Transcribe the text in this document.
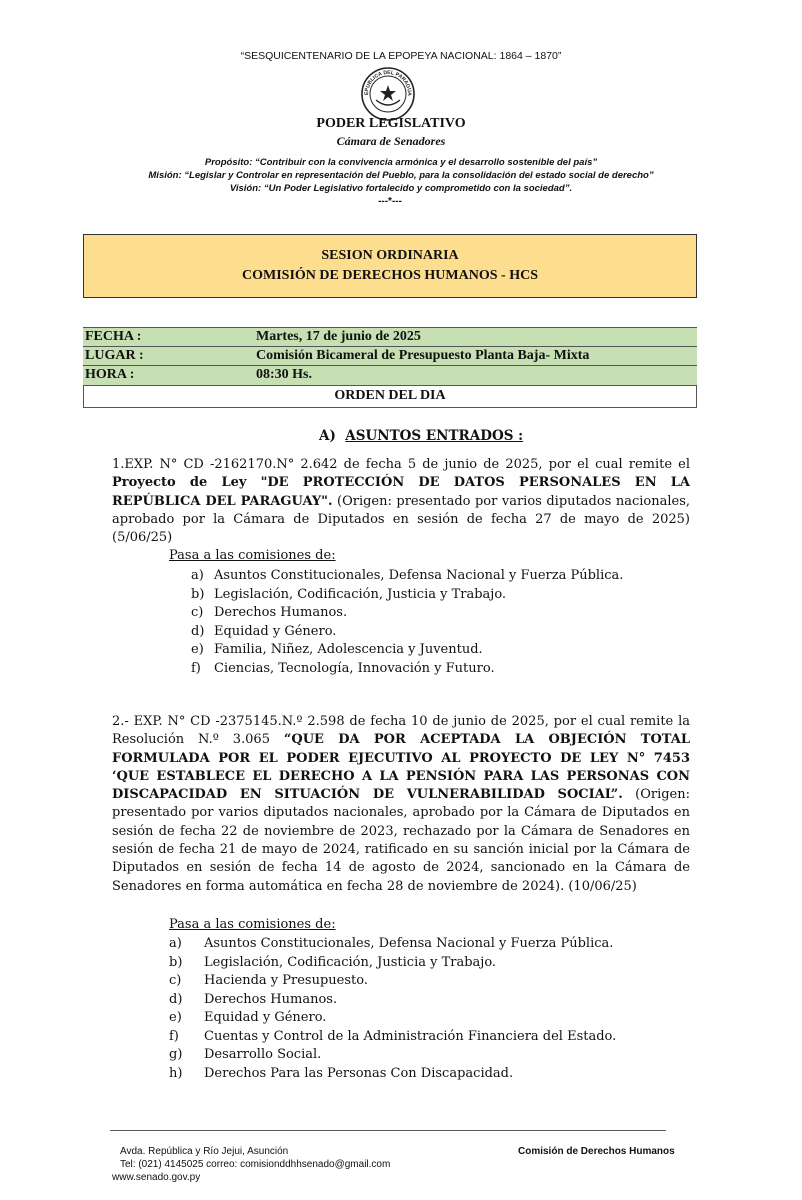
“SESQUICENTENARIO DE LA EPOPEYA NACIONAL: 1864 – 1870”
EPUBLICA DEL PARAGUA
PODER LEGISLATIVO
Cámara de Senadores
Propósito: “Contribuir con la convivencia armónica y el desarrollo sostenible del país”
Misión: “Legislar y Controlar en representación del Pueblo, para la consolidación del estado social de derecho”
Visión: “Un Poder Legislativo fortalecido y comprometido con la sociedad”.
---*---
SESION ORDINARIA
COMISIÓN DE DERECHOS HUMANOS - HCS
FECHA :	Martes, 17 de junio de 2025
LUGAR :	Comisión Bicameral de Presupuesto Planta Baja- Mixta
HORA :	08:30 Hs.
ORDEN DEL DIA
A) ASUNTOS ENTRADOS :
1.EXP. N° CD -2162170.N° 2.642 de fecha 5 de junio de 2025, por el cual remite el Proyecto de Ley "DE PROTECCIÓN DE DATOS PERSONALES EN LA REPÚBLICA DEL PARAGUAY". (Origen: presentado por varios diputados nacionales, aprobado por la Cámara de Diputados en sesión de fecha 27 de mayo de 2025) (5/06/25)
Pasa a las comisiones de:
a) Asuntos Constitucionales, Defensa Nacional y Fuerza Pública.
b) Legislación, Codificación, Justicia y Trabajo.
c) Derechos Humanos.
d) Equidad y Género.
e) Familia, Niñez, Adolescencia y Juventud.
f) Ciencias, Tecnología, Innovación y Futuro.
2.- EXP. N° CD -2375145.N.º 2.598 de fecha 10 de junio de 2025, por el cual remite la Resolución N.º 3.065 “QUE DA POR ACEPTADA LA OBJECIÓN TOTAL FORMULADA POR EL PODER EJECUTIVO AL PROYECTO DE LEY N° 7453 ‘QUE ESTABLECE EL DERECHO A LA PENSIÓN PARA LAS PERSONAS CON DISCAPACIDAD EN SITUACIÓN DE VULNERABILIDAD SOCIAL”. (Origen: presentado por varios diputados nacionales, aprobado por la Cámara de Diputados en sesión de fecha 22 de noviembre de 2023, rechazado por la Cámara de Senadores en sesión de fecha 21 de mayo de 2024, ratificado en su sanción inicial por la Cámara de Diputados en sesión de fecha 14 de agosto de 2024, sancionado en la Cámara de Senadores en forma automática en fecha 28 de noviembre de 2024). (10/06/25)
Pasa a las comisiones de:
a) Asuntos Constitucionales, Defensa Nacional y Fuerza Pública.
b) Legislación, Codificación, Justicia y Trabajo.
c) Hacienda y Presupuesto.
d) Derechos Humanos.
e) Equidad y Género.
f) Cuentas y Control de la Administración Financiera del Estado.
g) Desarrollo Social.
h) Derechos Para las Personas Con Discapacidad.
Avda. República y Río Jejui, Asunción	Comisión de Derechos Humanos
Tel: (021) 4145025 correo: comisionddhhsenado@gmail.com
www.senado.gov.py
